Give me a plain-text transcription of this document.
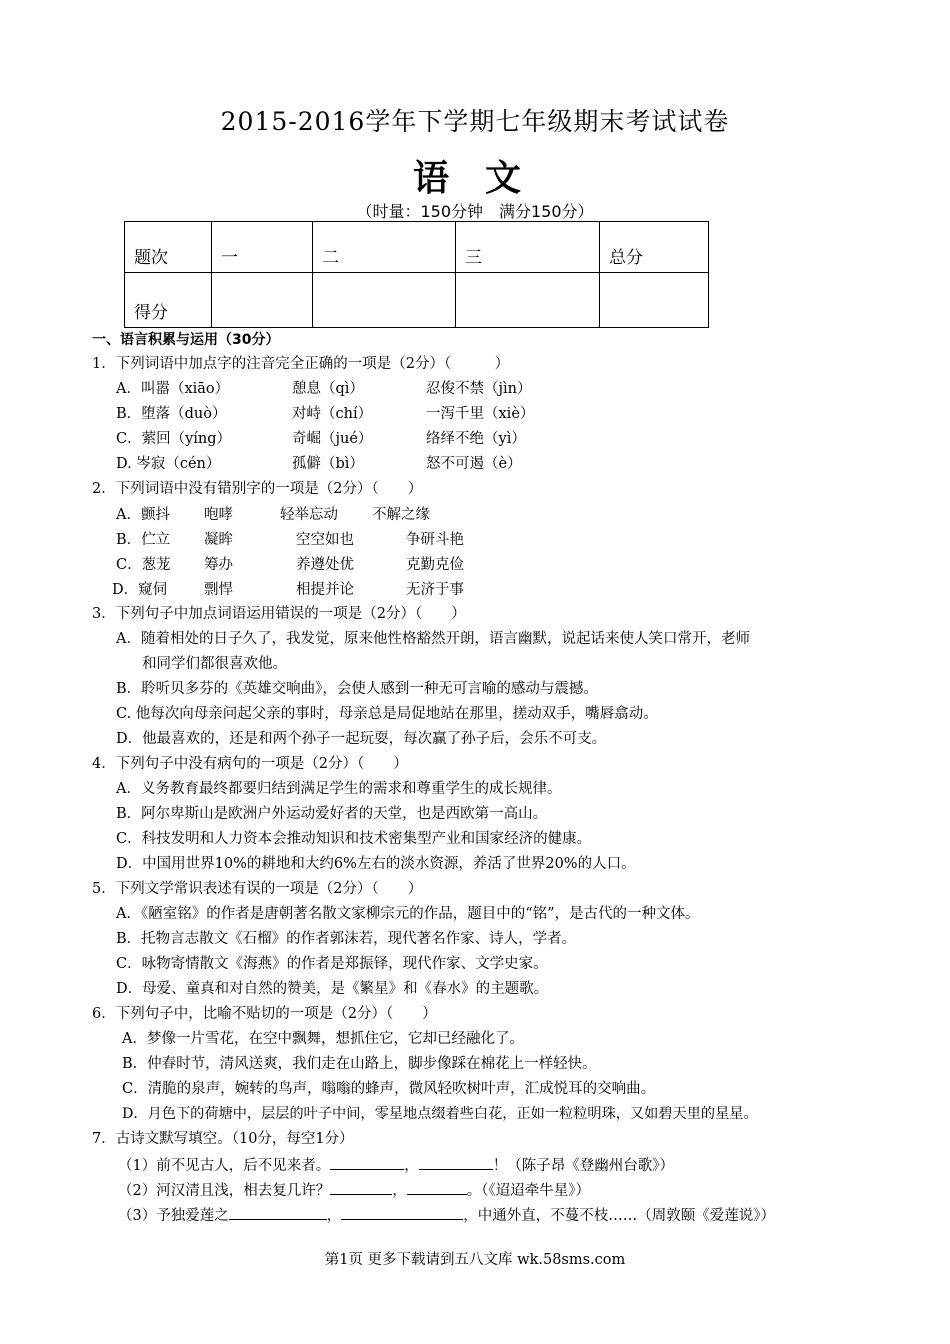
2015-2016学年下学期七年级期末考试试卷
语文
（时量：150分钟　满分150分）
题次	一	二	三	总分

得分				

一、语言积累与运用（30分）
1．下列词语中加点字的注音完全正确的一项是（2分）（　　　）
A．叫嚣（xiāo）	憩息（qì）	忍俊不禁（jìn）
B．堕落（duò）	对峙（chí）	一泻千里（xiè）
C．萦回（yíng）	奇崛（jué）	络绎不绝（yì）
D. 岑寂（cén）	孤僻（bì）	怒不可遏（è）
2．下列词语中没有错别字的一项是（2分）（　　）
A．颤抖 咆哮	轻举忘动 不解之缘
B．伫立 凝眸	空空如也	争研斗艳
C．葱茏 筹办	养遵处优	克勤克俭
D．窥伺	剽悍	相提并论	无济于事
3．下列句子中加点词语运用错误的一项是（2分）（　　）
A．随着相处的日子久了，我发觉，原来他性格豁然开朗，语言幽默，说起话来使人笑口常开，老师
和同学们都很喜欢他。
B．聆听贝多芬的《英雄交响曲》，会使人感到一种无可言喻的感动与震撼。
C. 他每次向母亲问起父亲的事时，母亲总是局促地站在那里，搓动双手，嘴唇翕动。
D．他最喜欢的，还是和两个孙子一起玩耍，每次赢了孙子后，会乐不可支。
4．下列句子中没有病句的一项是（2分）（　　）
A．义务教育最终都要归结到满足学生的需求和尊重学生的成长规律。
B．阿尔卑斯山是欧洲户外运动爱好者的天堂，也是西欧第一高山。
C．科技发明和人力资本会推动知识和技术密集型产业和国家经济的健康。
D．中国用世界10%的耕地和大约6%左右的淡水资源，养活了世界20%的人口。
5．下列文学常识表述有误的一项是（2分）（　　）
A．《陋室铭》的作者是唐朝著名散文家柳宗元的作品，题目中的“铭”，是古代的一种文体。
B．托物言志散文《石榴》的作者郭沫若，现代著名作家、诗人，学者。
C．咏物寄情散文《海燕》的作者是郑振铎，现代作家、文学史家。
D．母爱、童真和对自然的赞美，是《繁星》和《春水》的主题歌。
6．下列句子中，比喻不贴切的一项是（2分）（　　）
A．梦像一片雪花，在空中飘舞，想抓住它，它却已经融化了。
B．仲春时节，清风送爽，我们走在山路上，脚步像踩在棉花上一样轻快。
C．清脆的泉声，婉转的鸟声，嗡嗡的蜂声，微风轻吹树叶声，汇成悦耳的交响曲。
D．月色下的荷塘中，层层的叶子中间，零星地点缀着些白花，正如一粒粒明珠，又如碧天里的星星。
7．古诗文默写填空。（10分，每空1分）
（1）前不见古人，后不见来者。	，	！（陈子昂《登幽州台歌》）
（2）河汉清且浅，相去复几许？	，	。（《迢迢牵牛星》）
（3）予独爱莲之	，	，中通外直，不蔓不枝……（周敦颐《爱莲说》）
第1页 更多下载请到五八文库 wk.58sms.com
